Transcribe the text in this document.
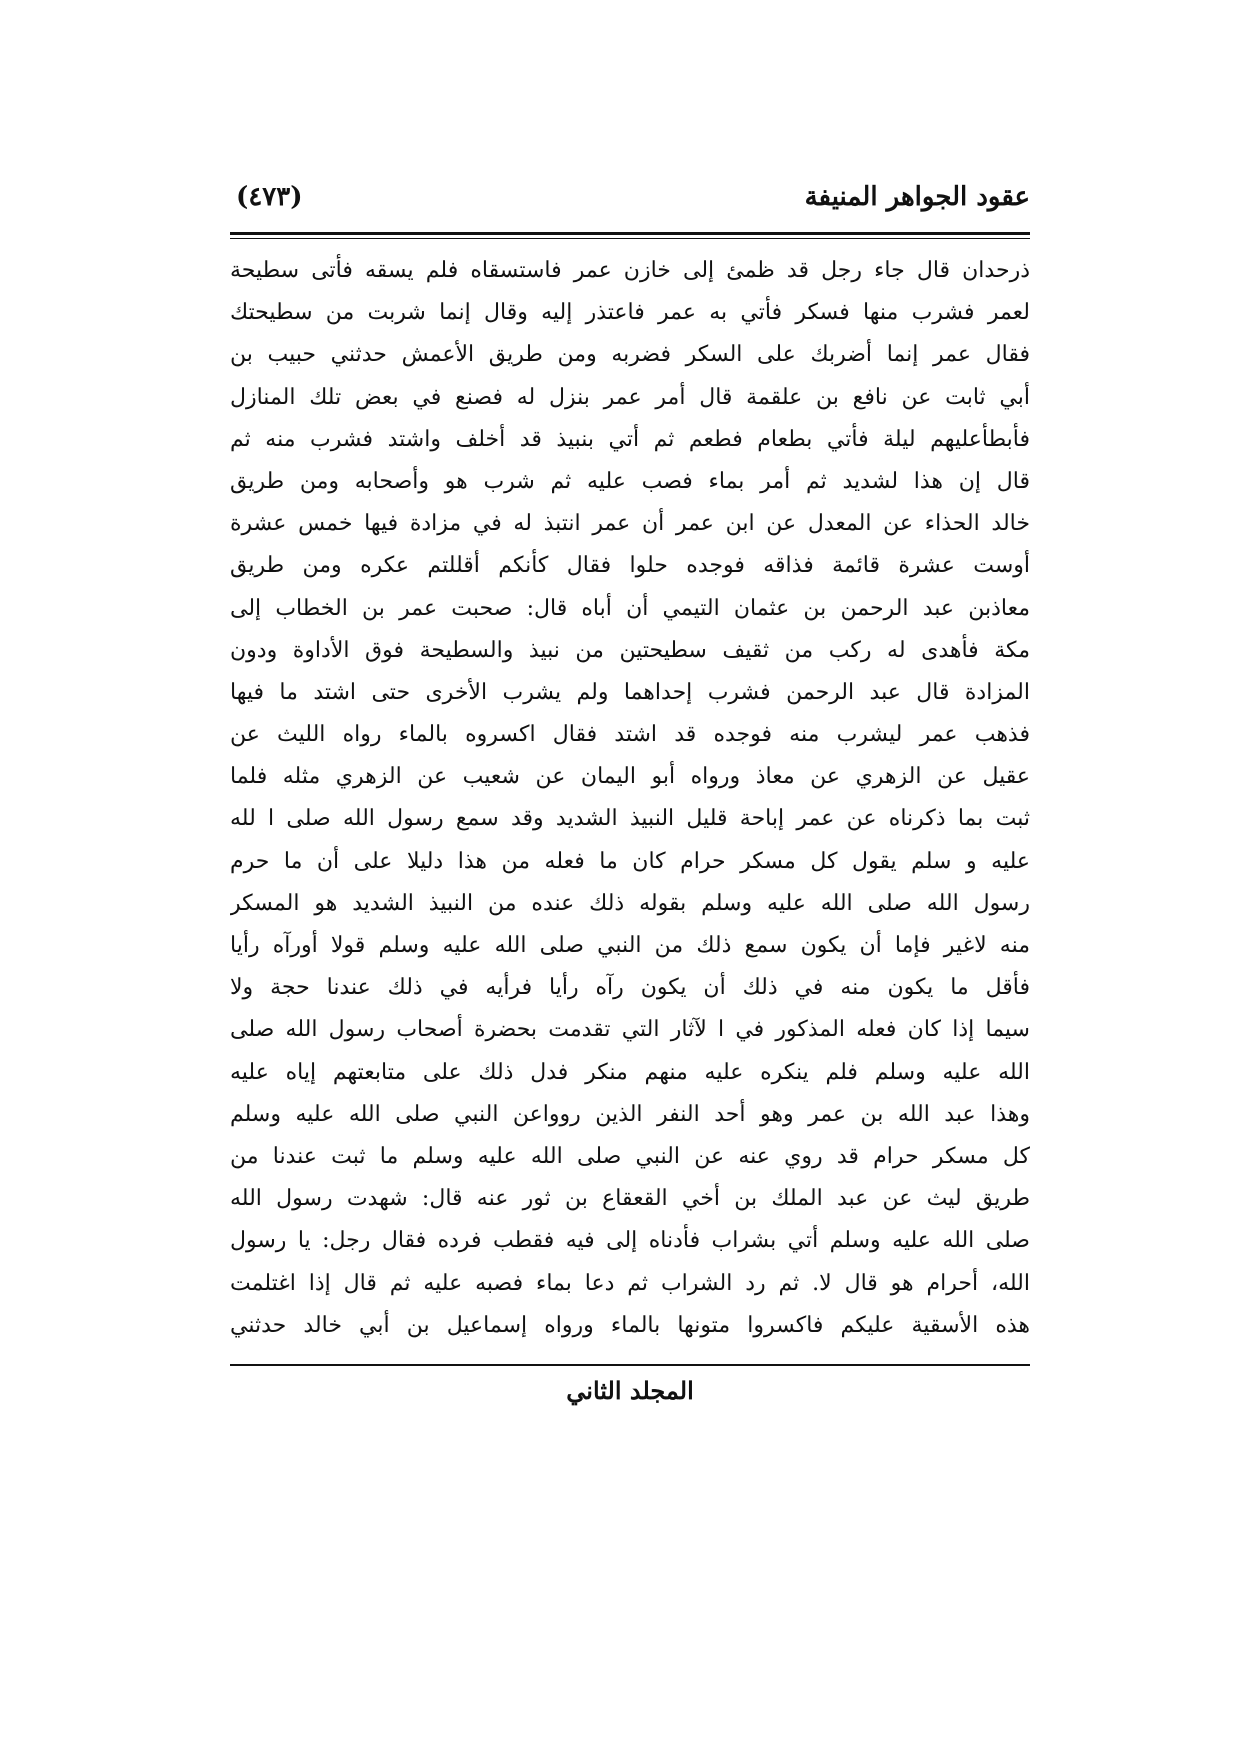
عقود الجواهر المنيفة
(٤٧٣)
ذرحدان قال جاء رجل قد ظمئ إلى خازن عمر فاستسقاه فلم يسقه فأتى سطيحة
لعمر فشرب منها فسكر فأتي به عمر فاعتذر إليه وقال إنما شربت من سطيحتك
فقال عمر إنما أضربك على السكر فضربه ومن طريق الأعمش حدثني حبيب بن
أبي ثابت عن نافع بن علقمة قال أمر عمر بنزل له فصنع في بعض تلك المنازل
فأبطأعليهم ليلة فأتي بطعام فطعم ثم أتي بنبيذ قد أخلف واشتد فشرب منه ثم
قال إن هذا لشديد ثم أمر بماء فصب عليه ثم شرب هو وأصحابه ومن طريق
خالد الحذاء عن المعدل عن ابن عمر أن عمر انتبذ له في مزادة فيها خمس عشرة
أوست عشرة قائمة فذاقه فوجده حلوا فقال كأنكم أقللتم عكره ومن طريق
معاذبن عبد الرحمن بن عثمان التيمي أن أباه قال: صحبت عمر بن الخطاب إلى
مكة فأهدى له ركب من ثقيف سطيحتين من نبيذ والسطيحة فوق الأداوة ودون
المزادة قال عبد الرحمن فشرب إحداهما ولم يشرب الأخرى حتى اشتد ما فيها
فذهب عمر ليشرب منه فوجده قد اشتد فقال اكسروه بالماء رواه الليث عن
عقيل عن الزهري عن معاذ ورواه أبو اليمان عن شعيب عن الزهري مثله فلما
ثبت بما ذكرناه عن عمر إباحة قليل النبيذ الشديد وقد سمع رسول الله صلى ا لله
عليه و سلم يقول كل مسكر حرام كان ما فعله من هذا دليلا على أن ما حرم
رسول الله صلى الله عليه وسلم بقوله ذلك عنده من النبيذ الشديد هو المسكر
منه لاغير فإما أن يكون سمع ذلك من النبي صلى الله عليه وسلم قولا أورآه رأيا
فأقل ما يكون منه في ذلك أن يكون رآه رأيا فرأيه في ذلك عندنا حجة ولا
سيما إذا كان فعله المذكور في ا لآثار التي تقدمت بحضرة أصحاب رسول الله صلى
الله عليه وسلم فلم ينكره عليه منهم منكر فدل ذلك على متابعتهم إياه عليه
وهذا عبد الله بن عمر وهو أحد النفر الذين روواعن النبي صلى الله عليه وسلم
كل مسكر حرام قد روي عنه عن النبي صلى الله عليه وسلم ما ثبت عندنا من
طريق ليث عن عبد الملك بن أخي القعقاع بن ثور عنه قال: شهدت رسول الله
صلى الله عليه وسلم أتي بشراب فأدناه إلى فيه فقطب فرده فقال رجل: يا رسول
الله، أحرام هو قال لا. ثم رد الشراب ثم دعا بماء فصبه عليه ثم قال إذا اغتلمت
هذه الأسقية عليكم فاكسروا متونها بالماء ورواه إسماعيل بن أبي خالد حدثني
المجلد الثاني
